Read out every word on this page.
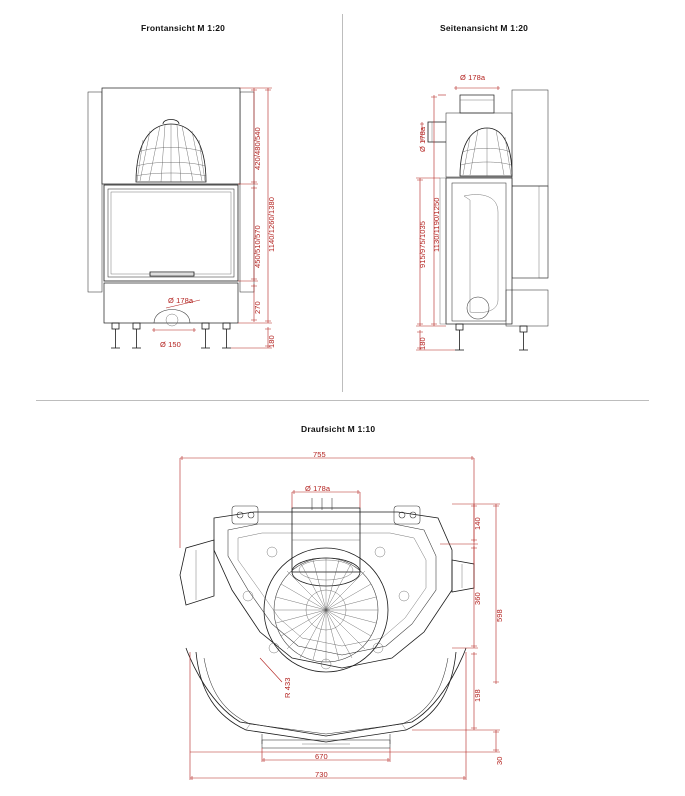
Frontansicht M 1:20	Seitenansicht M 1:20
Draufsicht M 1:10
420/480/540
1140/1260/1380
450/510/570
270
180
Ø 178a
Ø 150
Ø 178a
Ø 178a
1130/1190/1250
915/975/1035
180
755
Ø 178a
140
360
598
198
30
R 433
670
730
